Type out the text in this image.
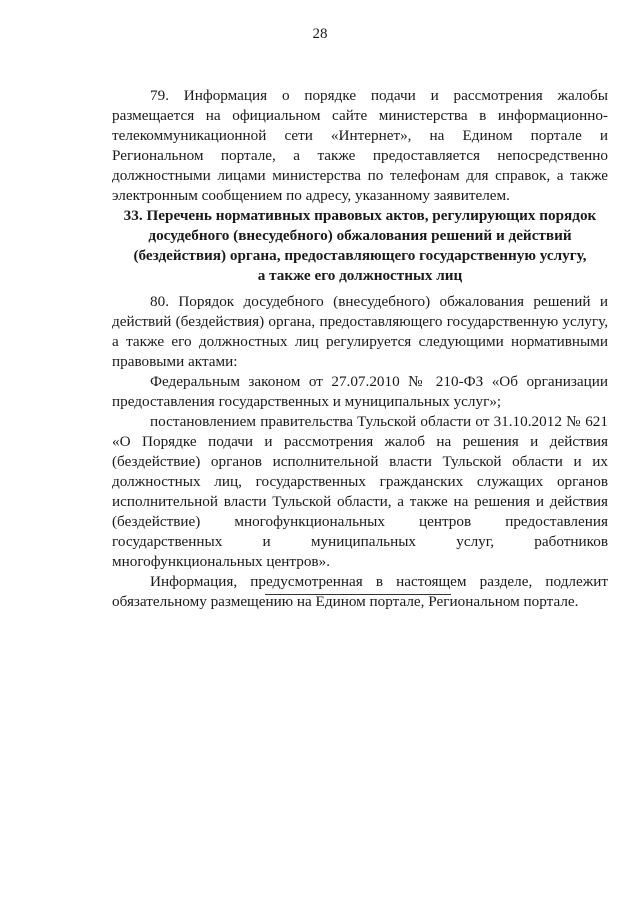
28

79. Информация о порядке подачи и рассмотрения жалобы размещается на официальном сайте министерства в информационно-телекоммуникационной сети «Интернет», на Едином портале и Региональном портале, а также предоставляется непосредственно должностными лицами министерства по телефонам для справок, а также электронным сообщением по адресу, указанному заявителем.

33. Перечень нормативных правовых актов, регулирующих порядок
досудебного (внесудебного) обжалования решений и действий
(бездействия) органа, предоставляющего государственную услугу,
а также его должностных лиц

80. Порядок досудебного (внесудебного) обжалования решений и действий (бездействия) органа, предоставляющего государственную услугу, а также его должностных лиц регулируется следующими нормативными правовыми актами:

Федеральным законом от 27.07.2010 № 210-ФЗ «Об организации предоставления государственных и муниципальных услуг»;

постановлением правительства Тульской области от 31.10.2012 № 621 «О Порядке подачи и рассмотрения жалоб на решения и действия (бездействие) органов исполнительной власти Тульской области и их должностных лиц, государственных гражданских служащих органов исполнительной власти Тульской области, а также на решения и действия (бездействие) многофункциональных центров предоставления государственных и муниципальных услуг, работников многофункциональных центров».

Информация, предусмотренная в настоящем разделе, подлежит обязательному размещению на Едином портале, Региональном портале.
